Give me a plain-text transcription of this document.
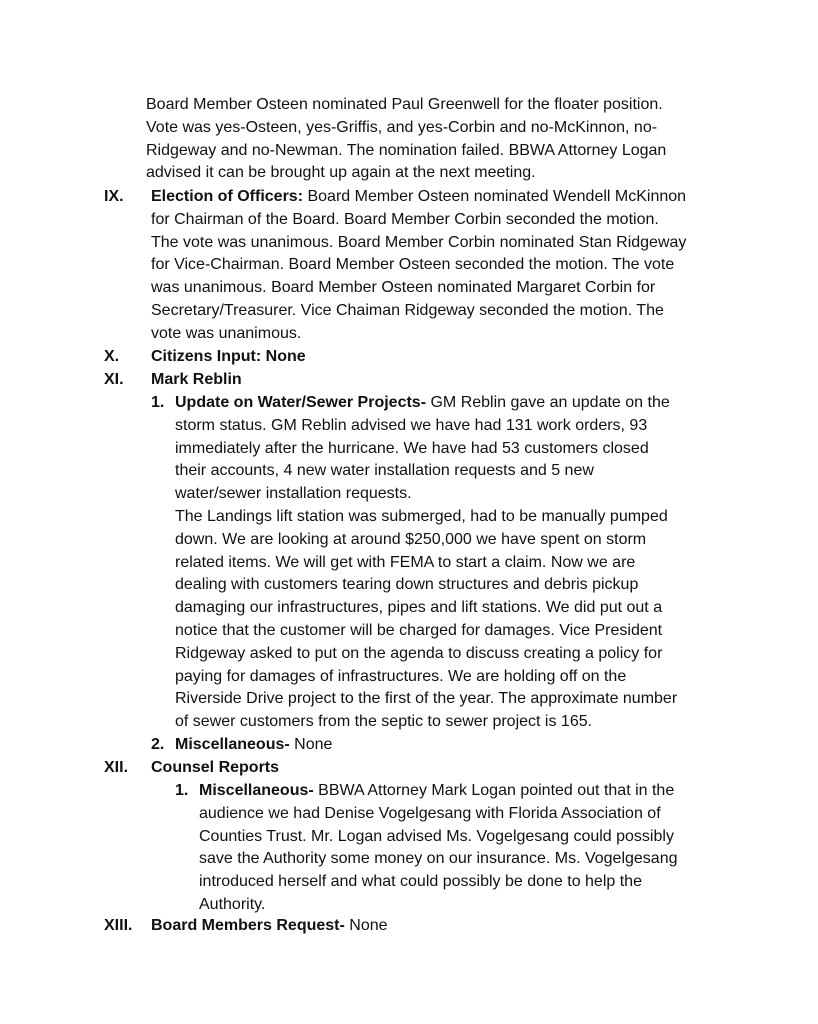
Board Member Osteen nominated Paul Greenwell for the floater position.
Vote was yes-Osteen, yes-Griffis, and yes-Corbin and no-McKinnon, no-
Ridgeway and no-Newman. The nomination failed. BBWA Attorney Logan
advised it can be brought up again at the next meeting.
IX. Election of Officers: Board Member Osteen nominated Wendell McKinnon
for Chairman of the Board. Board Member Corbin seconded the motion.
The vote was unanimous. Board Member Corbin nominated Stan Ridgeway
for Vice-Chairman. Board Member Osteen seconded the motion. The vote
was unanimous. Board Member Osteen nominated Margaret Corbin for
Secretary/Treasurer. Vice Chaiman Ridgeway seconded the motion. The
vote was unanimous.
X. Citizens Input: None
XI. Mark Reblin
1. Update on Water/Sewer Projects- GM Reblin gave an update on the
storm status. GM Reblin advised we have had 131 work orders, 93
immediately after the hurricane. We have had 53 customers closed
their accounts, 4 new water installation requests and 5 new
water/sewer installation requests.
The Landings lift station was submerged, had to be manually pumped
down. We are looking at around $250,000 we have spent on storm
related items. We will get with FEMA to start a claim. Now we are
dealing with customers tearing down structures and debris pickup
damaging our infrastructures, pipes and lift stations. We did put out a
notice that the customer will be charged for damages. Vice President
Ridgeway asked to put on the agenda to discuss creating a policy for
paying for damages of infrastructures. We are holding off on the
Riverside Drive project to the first of the year. The approximate number
of sewer customers from the septic to sewer project is 165.
2. Miscellaneous- None
XII. Counsel Reports
1. Miscellaneous- BBWA Attorney Mark Logan pointed out that in the
audience we had Denise Vogelgesang with Florida Association of
Counties Trust. Mr. Logan advised Ms. Vogelgesang could possibly
save the Authority some money on our insurance. Ms. Vogelgesang
introduced herself and what could possibly be done to help the
Authority.
XIII. Board Members Request- None
